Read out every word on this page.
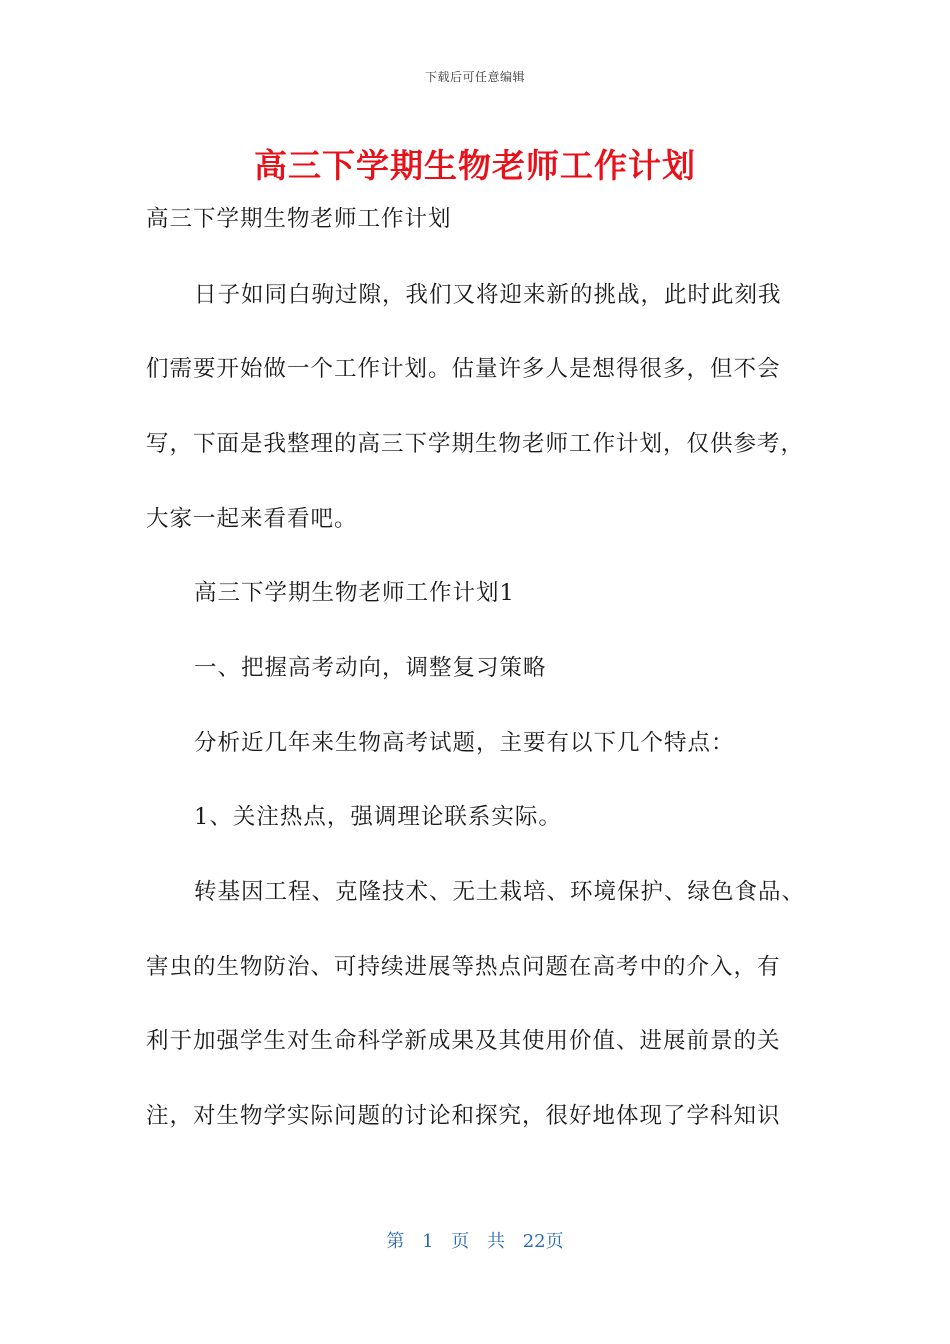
下载后可任意编辑
高三下学期生物老师工作计划
高三下学期生物老师工作计划
日子如同白驹过隙，我们又将迎来新的挑战，此时此刻我
们需要开始做一个工作计划。估量许多人是想得很多，但不会
写，下面是我整理的高三下学期生物老师工作计划，仅供参考，
大家一起来看看吧。
高三下学期生物老师工作计划1
一、把握高考动向，调整复习策略
分析近几年来生物高考试题，主要有以下几个特点：
1、关注热点，强调理论联系实际。
转基因工程、克隆技术、无土栽培、环境保护、绿色食品、
害虫的生物防治、可持续进展等热点问题在高考中的介入，有
利于加强学生对生命科学新成果及其使用价值、进展前景的关
注，对生物学实际问题的讨论和探究，很好地体现了学科知识
第 1 页 共 22页
